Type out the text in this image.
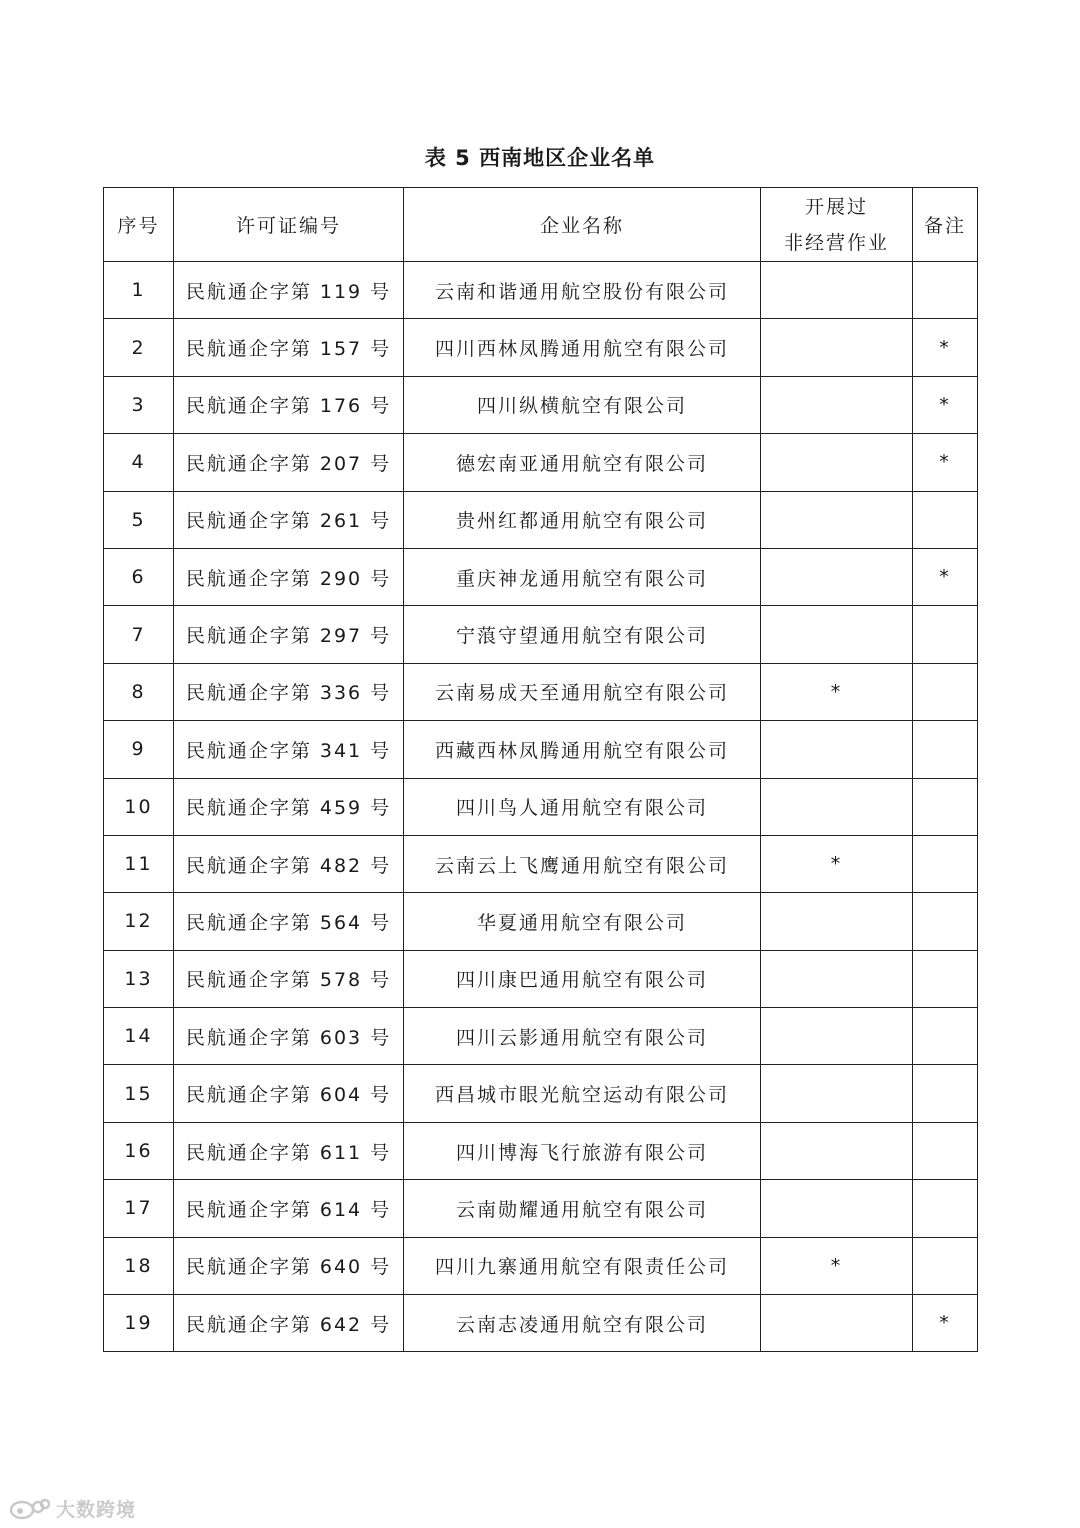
表 5 西南地区企业名单
序号	许可证编号	企业名称	开展过
非经营作业	备注
1	民航通企字第 119 号	云南和谐通用航空股份有限公司		
2	民航通企字第 157 号	四川西林凤腾通用航空有限公司		*
3	民航通企字第 176 号	四川纵横航空有限公司		*
4	民航通企字第 207 号	德宏南亚通用航空有限公司		*
5	民航通企字第 261 号	贵州红都通用航空有限公司		
6	民航通企字第 290 号	重庆神龙通用航空有限公司		*
7	民航通企字第 297 号	宁蒗守望通用航空有限公司		
8	民航通企字第 336 号	云南易成天至通用航空有限公司	*	
9	民航通企字第 341 号	西藏西林凤腾通用航空有限公司		
10	民航通企字第 459 号	四川鸟人通用航空有限公司		
11	民航通企字第 482 号	云南云上飞鹰通用航空有限公司	*	
12	民航通企字第 564 号	华夏通用航空有限公司		
13	民航通企字第 578 号	四川康巴通用航空有限公司		
14	民航通企字第 603 号	四川云影通用航空有限公司		
15	民航通企字第 604 号	西昌城市眼光航空运动有限公司		
16	民航通企字第 611 号	四川博海飞行旅游有限公司		
17	民航通企字第 614 号	云南勋耀通用航空有限公司		
18	民航通企字第 640 号	四川九寨通用航空有限责任公司	*	
19	民航通企字第 642 号	云南志凌通用航空有限公司		*
大数跨境
